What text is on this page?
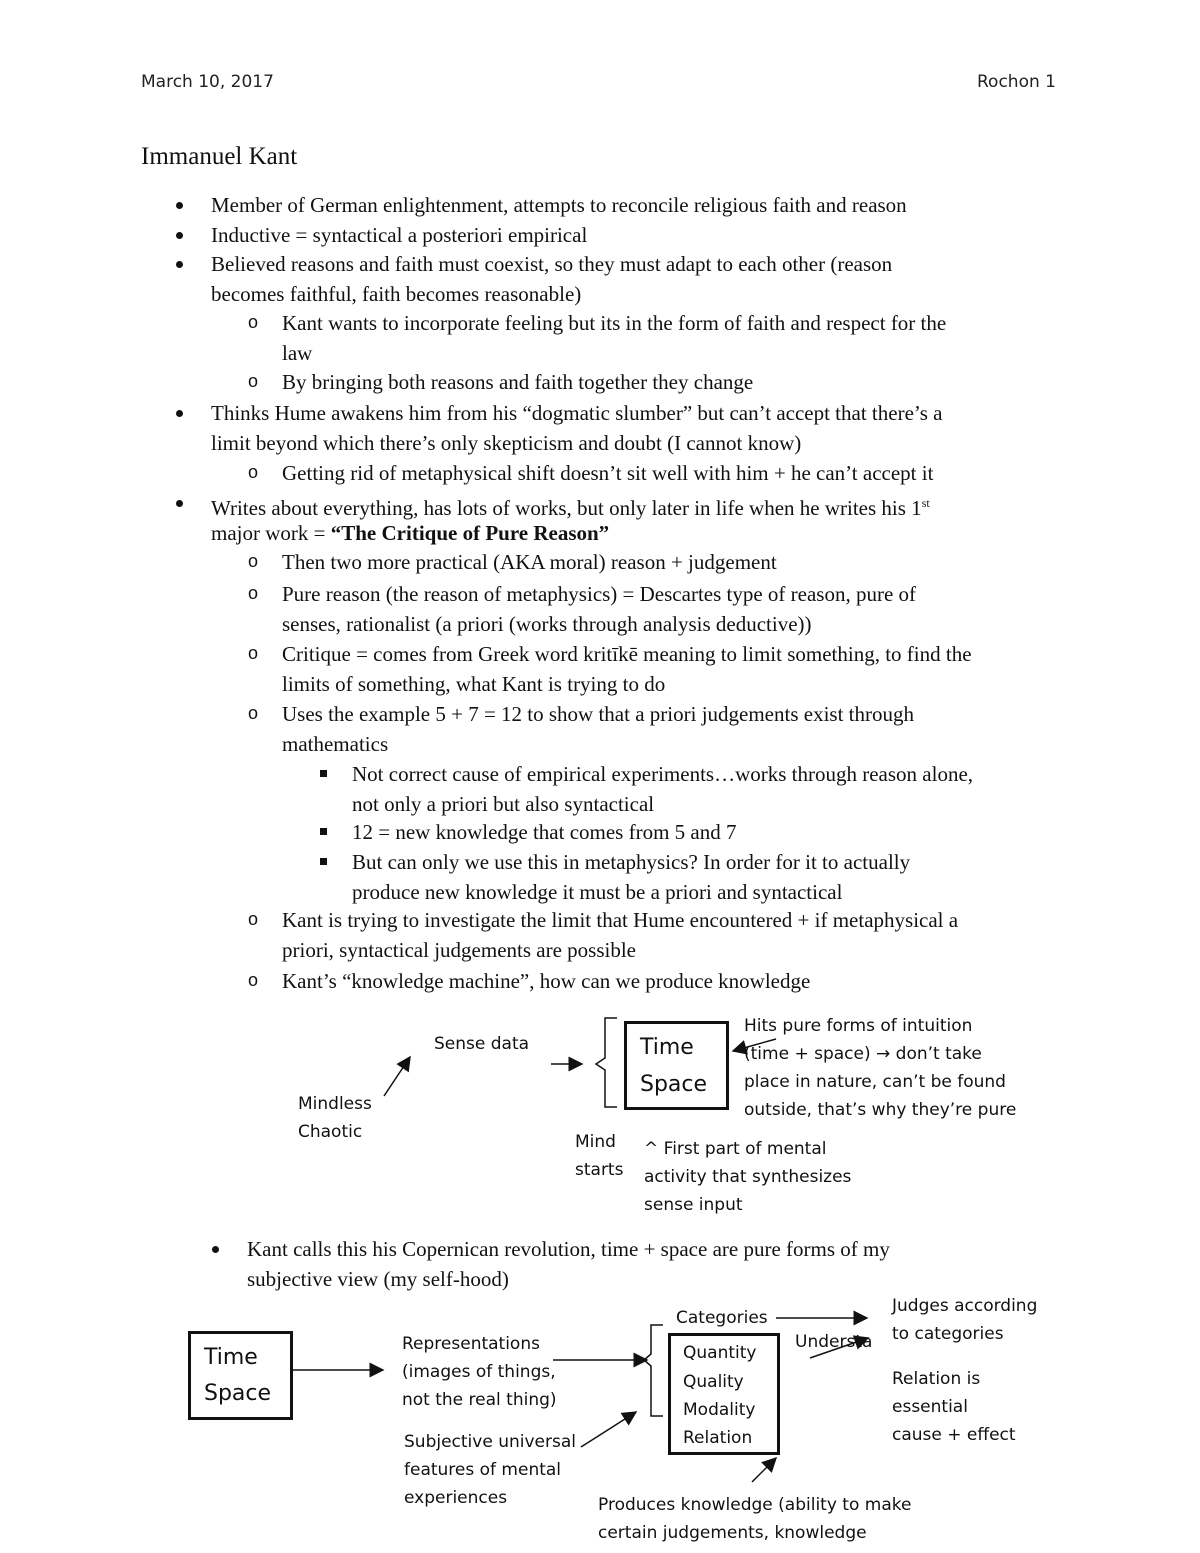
March 10, 2017	Rochon 1
Immanuel Kant
Member of German enlightenment, attempts to reconcile religious faith and reason
Inductive = syntactical a posteriori empirical
Believed reasons and faith must coexist, so they must adapt to each other (reason
becomes faithful, faith becomes reasonable)
o Kant wants to incorporate feeling but its in the form of faith and respect for the
law
o By bringing both reasons and faith together they change
Thinks Hume awakens him from his “dogmatic slumber” but can’t accept that there’s a
limit beyond which there’s only skepticism and doubt (I cannot know)
o Getting rid of metaphysical shift doesn’t sit well with him + he can’t accept it
Writes about everything, has lots of works, but only later in life when he writes his 1st
major work = “The Critique of Pure Reason”
o Then two more practical (AKA moral) reason + judgement
o Pure reason (the reason of metaphysics) = Descartes type of reason, pure of
senses, rationalist (a priori (works through analysis deductive))
o Critique = comes from Greek word kritīkē meaning to limit something, to find the
limits of something, what Kant is trying to do
o Uses the example 5 + 7 = 12 to show that a priori judgements exist through
mathematics
Not correct cause of empirical experiments…works through reason alone,
not only a priori but also syntactical
12 = new knowledge that comes from 5 and 7
But can only we use this in metaphysics? In order for it to actually
produce new knowledge it must be a priori and syntactical
o Kant is trying to investigate the limit that Hume encountered + if metaphysical a
priori, syntactical judgements are possible
o Kant’s “knowledge machine”, how can we produce knowledge
Sense data
Mindless
Chaotic
Time
Space
Mind
starts
Hits pure forms of intuition
(time + space) → don’t take
place in nature, can’t be found
outside, that’s why they’re pure
^ First part of mental
activity that synthesizes
sense input
Kant calls this his Copernican revolution, time + space are pure forms of my
subjective view (my self-hood)
Time
Space
Representations
(images of things,
not the real thing)
Subjective universal
features of mental
experiences
Categories
Quantity
Quality
Modality
Relation
Understa
Judges according
to categories
Relation is
essential
cause + effect
Produces knowledge (ability to make
certain judgements, knowledge
